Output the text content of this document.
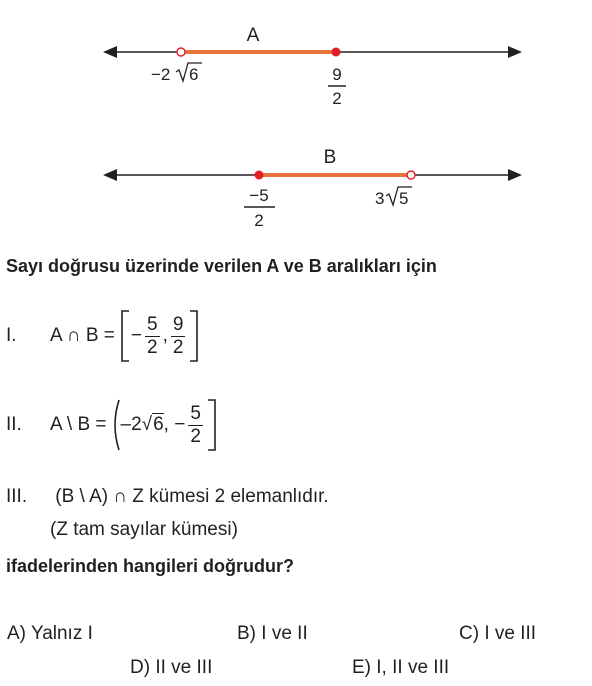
A
−2 6	9
2
B
−5
2
3 5
Sayı doğrusu üzerinde verilen A ve B aralıkları için
I.	A ∩ B = − $\frac{5}{2}$ , $\frac{9}{2}$
II.	A \ B = –2 √6 , − $\frac{5}{2}$
III. (B \ A) ∩ Z kümesi 2 elemanlıdır.
(Z tam sayılar kümesi)
ifadelerinden hangileri doğrudur?
A) Yalnız I	B) I ve II	C) I ve III
D) II ve III	E) I, II ve III
